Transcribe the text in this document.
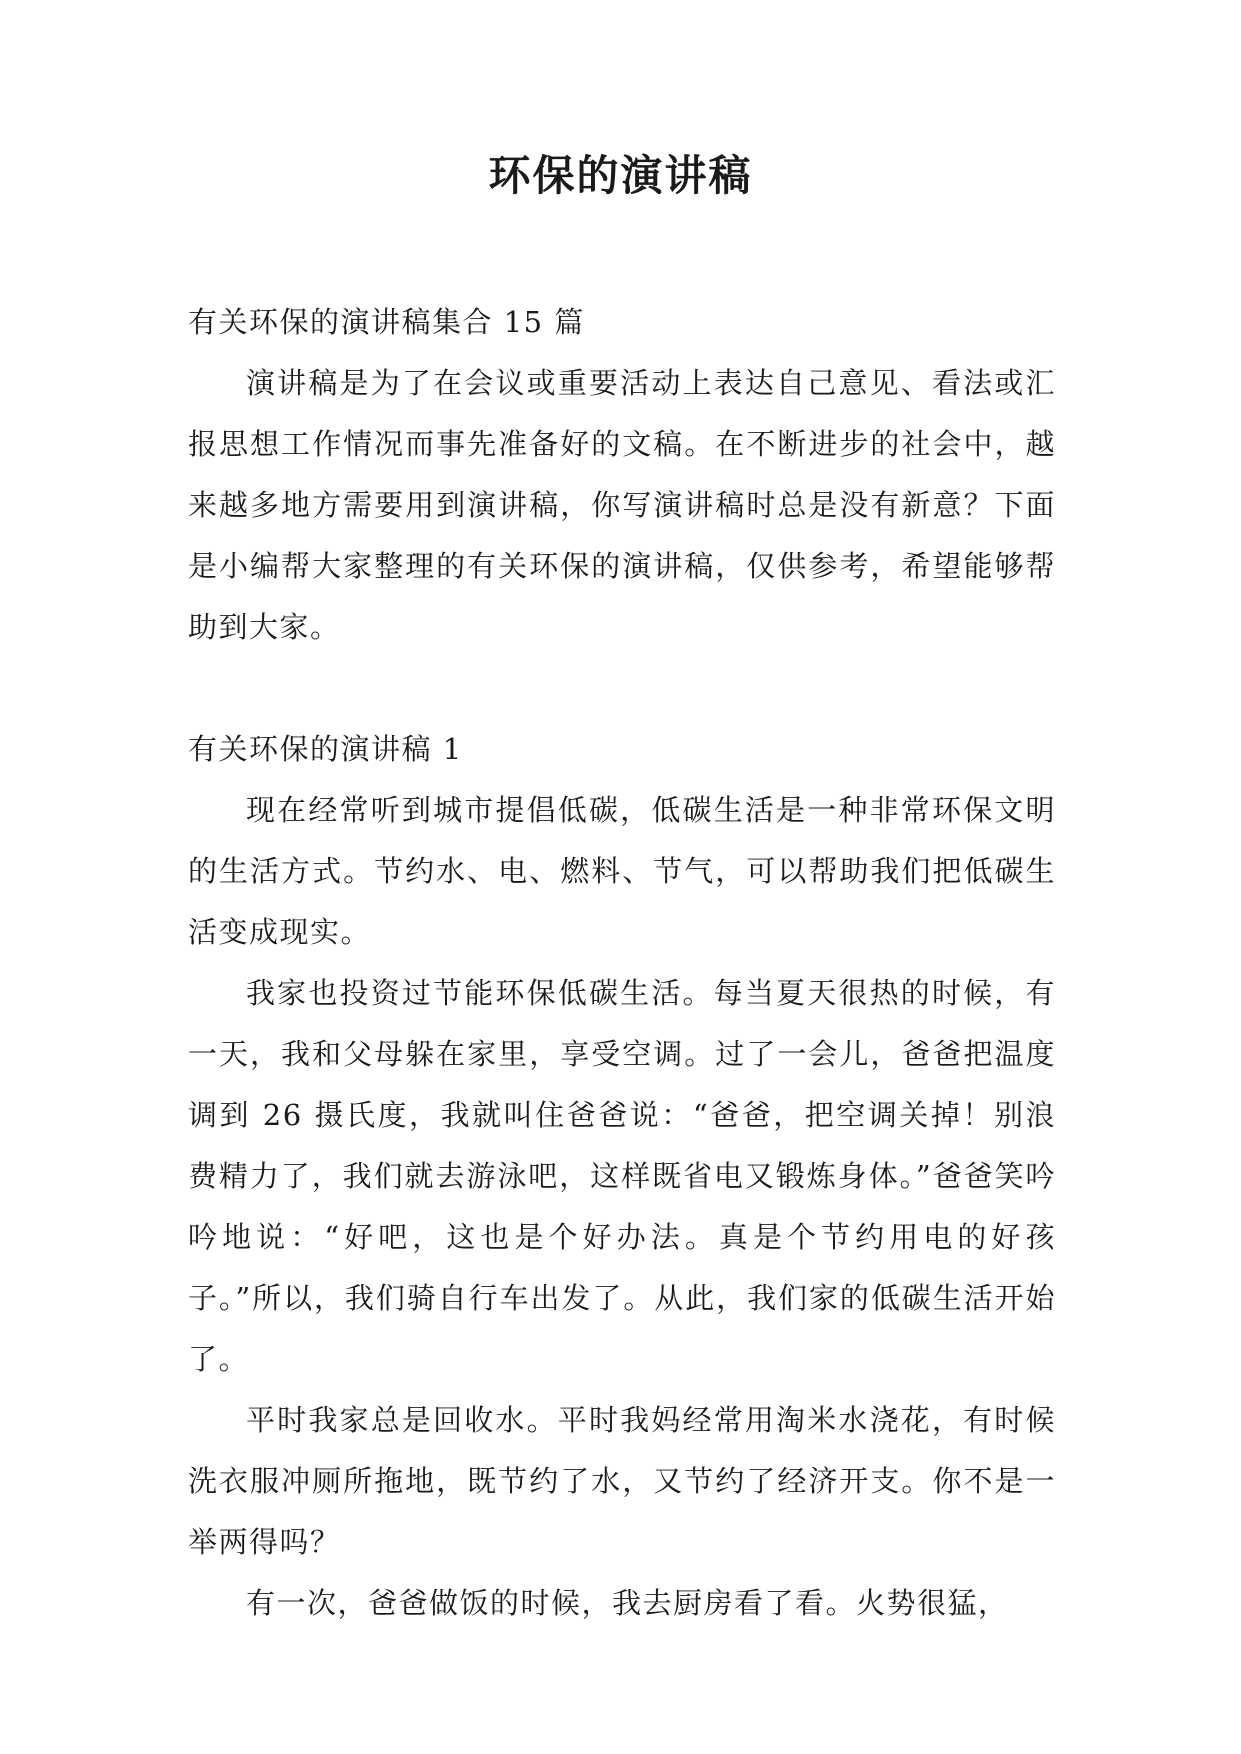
环保的演讲稿

有关环保的演讲稿集合 15 篇

演讲稿是为了在会议或重要活动上表达自己意见、看法或汇报思想工作情况而事先准备好的文稿。在不断进步的社会中，越来越多地方需要用到演讲稿，你写演讲稿时总是没有新意？下面是小编帮大家整理的有关环保的演讲稿，仅供参考，希望能够帮助到大家。

有关环保的演讲稿 1

现在经常听到城市提倡低碳，低碳生活是一种非常环保文明的生活方式。节约水、电、燃料、节气，可以帮助我们把低碳生活变成现实。

我家也投资过节能环保低碳生活。每当夏天很热的时候，有一天，我和父母躲在家里，享受空调。过了一会儿，爸爸把温度调到 26 摄氏度，我就叫住爸爸说：“爸爸，把空调关掉！别浪费精力了，我们就去游泳吧，这样既省电又锻炼身体。”爸爸笑吟吟地说：“好吧，这也是个好办法。真是个节约用电的好孩子。”所以，我们骑自行车出发了。从此，我们家的低碳生活开始了。

平时我家总是回收水。平时我妈经常用淘米水浇花，有时候洗衣服冲厕所拖地，既节约了水，又节约了经济开支。你不是一举两得吗？

有一次，爸爸做饭的时候，我去厨房看了看。火势很猛，
